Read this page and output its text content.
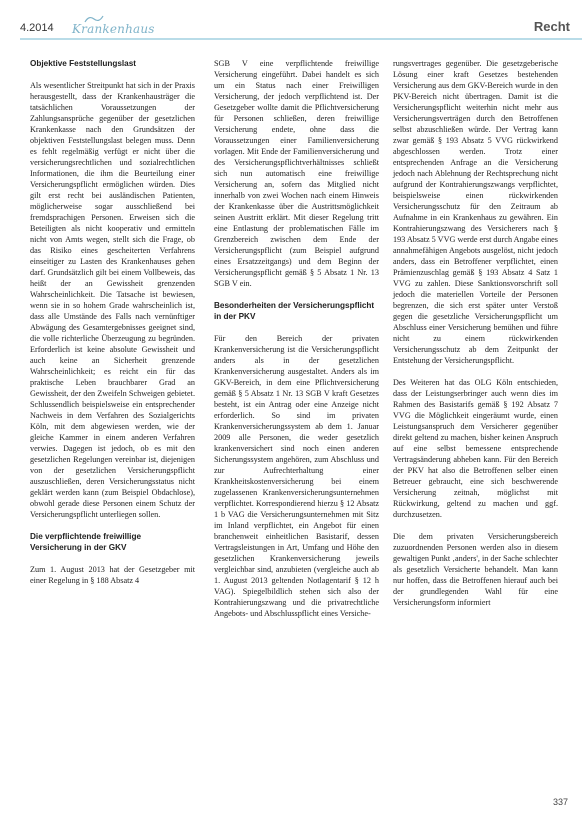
4.2014 Krankenhaus	Recht
Objektive Feststellungslast

Als wesentlicher Streitpunkt hat sich in der Praxis herausgestellt, dass der Krankenhausträger die tatsächlichen Voraussetzungen der Zahlungsansprüche gegenüber der gesetzlichen Krankenkasse nach den Grundsätzen der objektiven Feststellungslast belegen muss. Denn es fehlt regelmäßig verfügt er nicht über die versicherungsrechtlichen und sozialrechtlichen Informationen, die ihm die Beurteilung einer Versicherungspflicht ermöglichen würden. Dies gilt erst recht bei ausländischen Patienten, möglicherweise sogar ausschließend bei fremdsprachigen Personen. Erweisen sich die Beteiligten als nicht kooperativ und ermitteln nicht von Amts wegen, stellt sich die Frage, ob das Risiko eines gescheiterten Verfahrens einseitiger zu Lasten des Krankenhauses gehen darf. Grundsätzlich gilt bei einem Vollbeweis, das heißt der an Gewissheit grenzenden Wahrscheinlichkeit. Die Tatsache ist bewiesen, wenn sie in so hohem Grade wahrscheinlich ist, dass alle Umstände des Falls nach vernünftiger Abwägung des Gesamtergebnisses geeignet sind, die volle richterliche Überzeugung zu begründen. Erforderlich ist keine absolute Gewissheit und auch keine an Sicherheit grenzende Wahrscheinlichkeit; es reicht ein für das praktische Leben brauchbarer Grad an Gewissheit, der den Zweifeln Schweigen gebietet. Schlussendlich beispielsweise ein entsprechender Nachweis in dem Verfahren des Sozialgerichts Köln, mit dem abgewiesen werden, wie der gleiche Kammer in einem anderen Verfahren verwies. Dagegen ist jedoch, ob es mit den gesetzlichen Regelungen vereinbar ist, diejenigen von der gesetzlichen Versicherungspflicht auszuschließen, deren Versicherungsstatus nicht geklärt werden kann (zum Beispiel Obdachlose), obwohl gerade diese Personen einem Schutz der Versicherungspflicht unterliegen sollen.

Die verpflichtende freiwillige Versicherung in der GKV

Zum 1. August 2013 hat der Gesetzgeber mit einer Regelung in § 188 Absatz 4

SGB V eine verpflichtende freiwillige Versicherung eingeführt. Dabei handelt es sich um ein Status nach einer Freiwilligen Versicherung, der jedoch verpflichtend ist. Der Gesetzgeber wollte damit die Pflichtversicherung für Personen schließen, deren freiwillige Versicherung endete, ohne dass die Voraussetzungen einer Familienversicherung vorlagen. Mit Ende der Familienversicherung und des Versicherungspflichtverhältnisses schließt sich nun automatisch eine freiwillige Versicherung an, sofern das Mitglied nicht innerhalb von zwei Wochen nach einem Hinweis der Krankenkasse über die Austrittsmöglichkeit seinen Austritt erklärt. Mit dieser Regelung tritt eine Entlastung der problematischen Fälle im Grenzbereich zwischen dem Ende der Versicherungspflicht (zum Beispiel aufgrund eines Ersatzzeitgangs) und dem Beginn der Versicherungspflicht gemäß § 5 Absatz 1 Nr. 13 SGB V ein.

Besonderheiten der Versicherungspflicht in der PKV

Für den Bereich der privaten Krankenversicherung ist die Versicherungspflicht anders als in der gesetzlichen Krankenversicherung ausgestaltet. Anders als im GKV-Bereich, in dem eine Pflichtversicherung gemäß § 5 Absatz 1 Nr. 13 SGB V kraft Gesetzes besteht, ist ein Antrag oder eine Anzeige nicht erforderlich. So sind im privaten Krankenversicherungssystem ab dem 1. Januar 2009 alle Personen, die weder gesetzlich krankenversichert sind noch einen anderen Sicherungssystem angehören, zum Abschluss und zur Aufrechterhaltung einer Krankheitskostenversicherung bei einem zugelassenen Krankenversicherungsunternehmen verpflichtet. Korrespondierend hierzu § 12 Absatz 1 b VAG die Versicherungsunternehmen mit Sitz im Inland verpflichtet, ein Angebot für einen branchenweit einheitlichen Basistarif, dessen Vertragsleistungen in Art, Umfang und Höhe den gesetzlichen Krankenversicherung jeweils vergleichbar sind, anzubieten (vergleiche auch ab 1. August 2013 geltenden Notlagentarif § 12 h VAG). Spiegelbildlich stehen sich also der Kontrahierungszwang und die privatrechtliche Angebots- und Abschlusspflicht eines Versiche-

rungsvertrages gegenüber. Die gesetzgeberische Lösung einer kraft Gesetzes bestehenden Versicherung aus dem GKV-Bereich wurde in den PKV-Bereich nicht übertragen. Damit ist die Versicherungspflicht weiterhin nicht mehr aus Versicherungsverträgen durch den Betroffenen selbst abzuschließen würde. Der Vertrag kann zwar gemäß § 193 Absatz 5 VVG rückwirkend abgeschlossen werden. Trotz einer entsprechenden Anfrage an die Versicherung jedoch nach Ablehnung der Rechtsprechung nicht aufgrund der Kontrahierungszwangs verpflichtet, beispielsweise einen rückwirkenden Versicherungsschutz für den Zeitraum ab Aufnahme in ein Krankenhaus zu gewähren. Ein Kontrahierungszwang des Versicherers nach § 193 Absatz 5 VVG werde erst durch Angabe eines annahmefähigen Angebots ausgelöst, nicht jedoch anders, dass ein Betroffener verpflichtet, einen Prämienzuschlag gemäß § 193 Absatz 4 Satz 1 VVG zu zahlen. Diese Sanktionsvorschrift soll jedoch die materiellen Vorteile der Personen begrenzen, die sich erst später unter Verstoß gegen die gesetzliche Versicherungspflicht um Abschluss einer Versicherung bemühen und führe nicht zu einem rückwirkenden Versicherungsschutz ab dem Zeitpunkt der Entstehung der Versicherungspflicht.

Des Weiteren hat das OLG Köln entschieden, dass der Leistungserbringer auch wenn dies im Rahmen des Basistarifs gemäß § 192 Absatz 7 VVG die Möglichkeit eingeräumt wurde, einen Leistungsanspruch dem Versicherer gegenüber direkt geltend zu machen, bisher keinen Anspruch auf eine selbst bemessene entsprechende Vertragsänderung abheben kann. Für den Bereich der PKV hat also die Betroffenen selber einen Betreuer gebraucht, eine sich beschwerende Versicherung zeitnah, möglichst mit Rückwirkung, geltend zu machen und ggf. durchzusetzen.

Die dem privaten Versicherungsbereich zuzuordnenden Personen werden also in diesem gewaltigen Punkt ‚anders', in der Sache schlechter als gesetzlich Versicherte behandelt. Man kann nur hoffen, dass die Betroffenen hierauf auch bei der grundlegenden Wahl für eine Versicherungsform informiert

337
